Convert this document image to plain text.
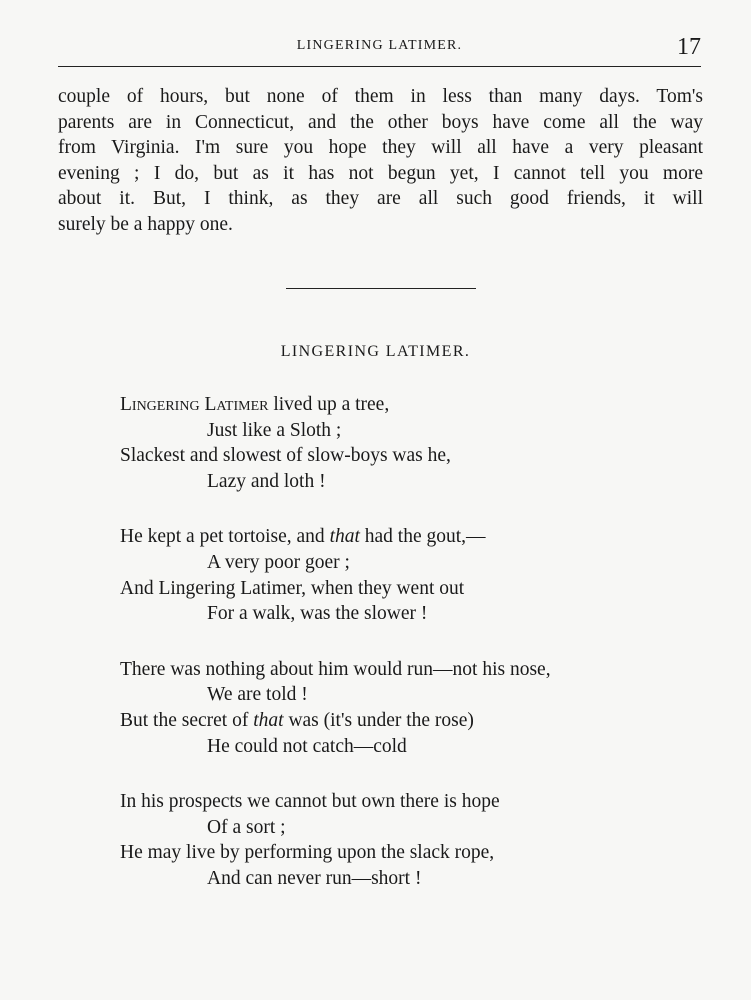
LINGERING LATIMER.	17
couple of hours, but none of them in less than many days. Tom's
parents are in Connecticut, and the other boys have come all the way
from Virginia. I'm sure you hope they will all have a very pleasant
evening ; I do, but as it has not begun yet, I cannot tell you more
about it. But, I think, as they are all such good friends, it will
surely be a happy one.
LINGERING LATIMER.
Lingering Latimer lived up a tree,
Just like a Sloth ;
Slackest and slowest of slow-boys was he,
Lazy and loth !
He kept a pet tortoise, and that had the gout,—
A very poor goer ;
And Lingering Latimer, when they went out
For a walk, was the slower !
There was nothing about him would run—not his nose,
We are told !
But the secret of that was (it's under the rose)
He could not catch—cold
In his prospects we cannot but own there is hope
Of a sort ;
He may live by performing upon the slack rope,
And can never run—short !
